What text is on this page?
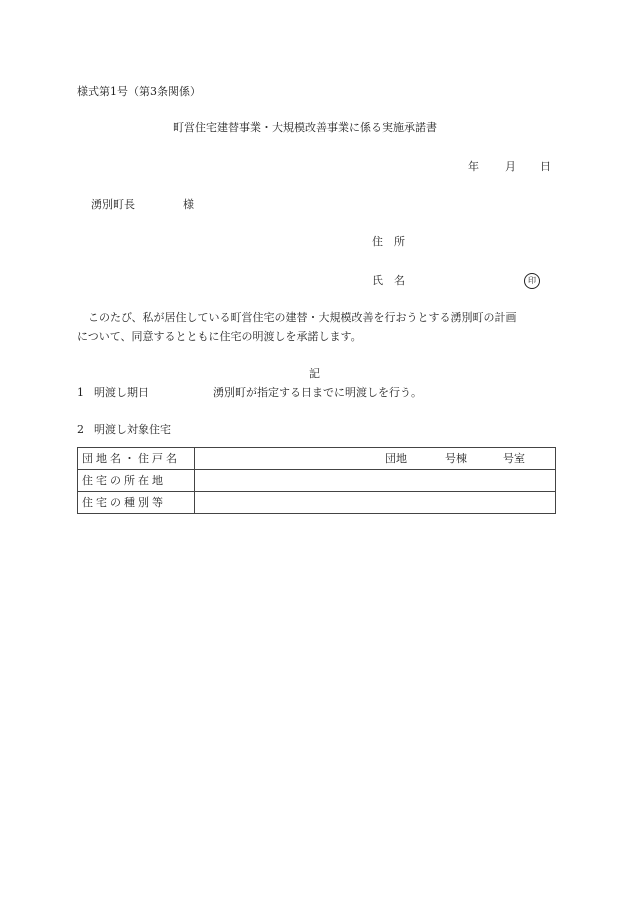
様式第1号（第3条関係）
町営住宅建替事業・大規模改善事業に係る実施承諾書
年 月 日
湧別町長	様
住　所
氏　名	印
　このたび、私が居住している町営住宅の建替・大規模改善を行おうとする湧別町の計画
について、同意するとともに住宅の明渡しを承諾します。
記
1 明渡し期日	湧別町が指定する日までに明渡しを行う。
2 明渡し対象住宅
団地名・住戸名	団地 号棟 号室

住宅の所在地	
住宅の種別等	
